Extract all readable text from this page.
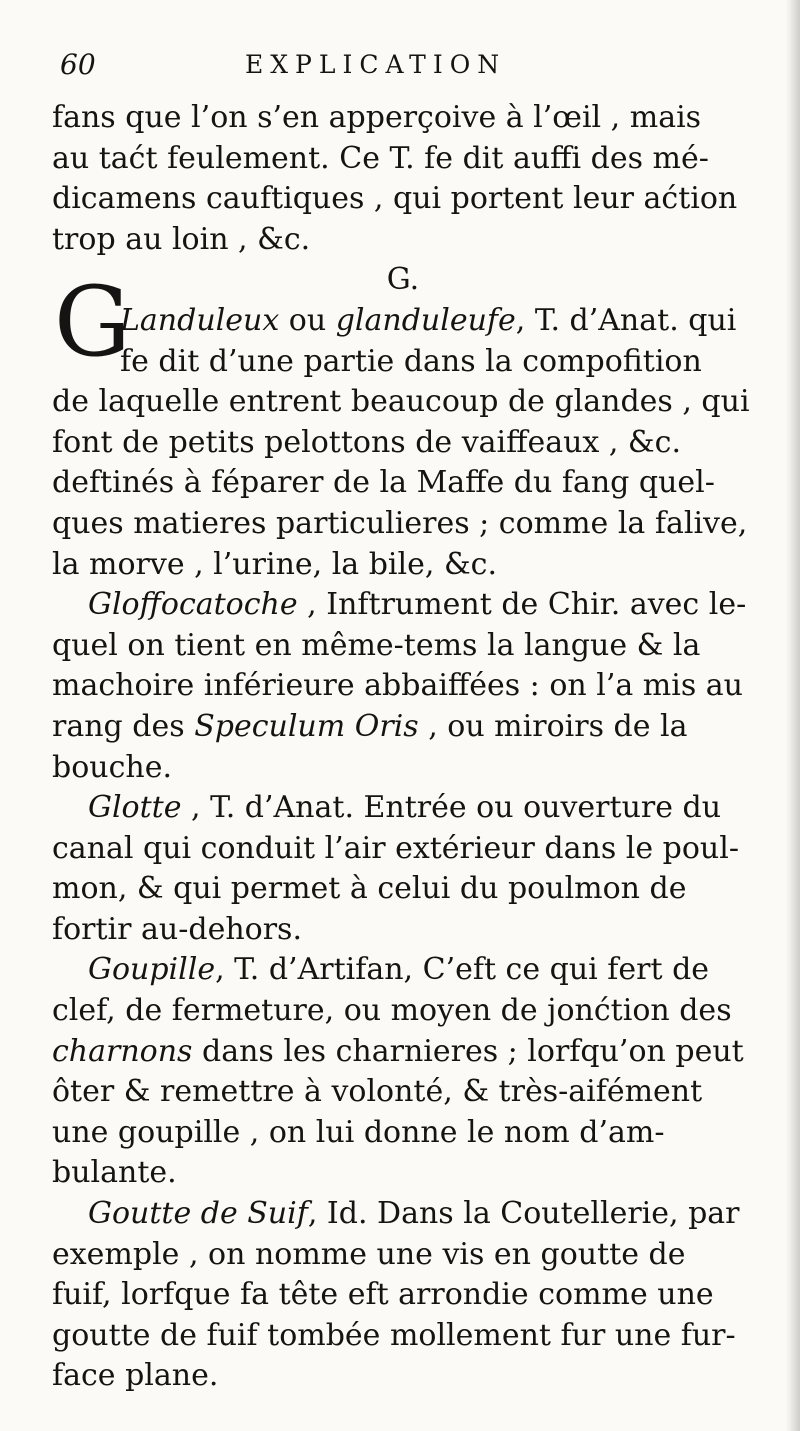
60	EXPLICATION
G
fans que l’on s’en apperçoive à l’œil , mais
au taćt feulement. Ce T. fe dit auffi des mé-
dicamens cauftiques , qui portent leur aćtion
trop au loin , &c.
G.
Landuleux ou glanduleufe, T. d’Anat. qui
fe dit d’une partie dans la compofition
de laquelle entrent beaucoup de glandes , qui
font de petits pelottons de vaiffeaux , &c.
deftinés à féparer de la Maffe du fang quel-
ques matieres particulieres ; comme la falive,
la morve , l’urine, la bile, &c.
Gloffocatoche , Inftrument de Chir. avec le-
quel on tient en même-tems la langue & la
machoire inférieure abbaiffées : on l’a mis au
rang des Speculum Oris , ou miroirs de la
bouche.
Glotte , T. d’Anat. Entrée ou ouverture du
canal qui conduit l’air extérieur dans le poul-
mon, & qui permet à celui du poulmon de
fortir au-dehors.
Goupille, T. d’Artifan, C’eft ce qui fert de
clef, de fermeture, ou moyen de jonćtion des
charnons dans les charnieres ; lorfqu’on peut
ôter & remettre à volonté, & très-aifément
une goupille , on lui donne le nom d’am-
bulante.
Goutte de Suif, Id. Dans la Coutellerie, par
exemple , on nomme une vis en goutte de
fuif, lorfque fa tête eft arrondie comme une
goutte de fuif tombée mollement fur une fur-
face plane.
